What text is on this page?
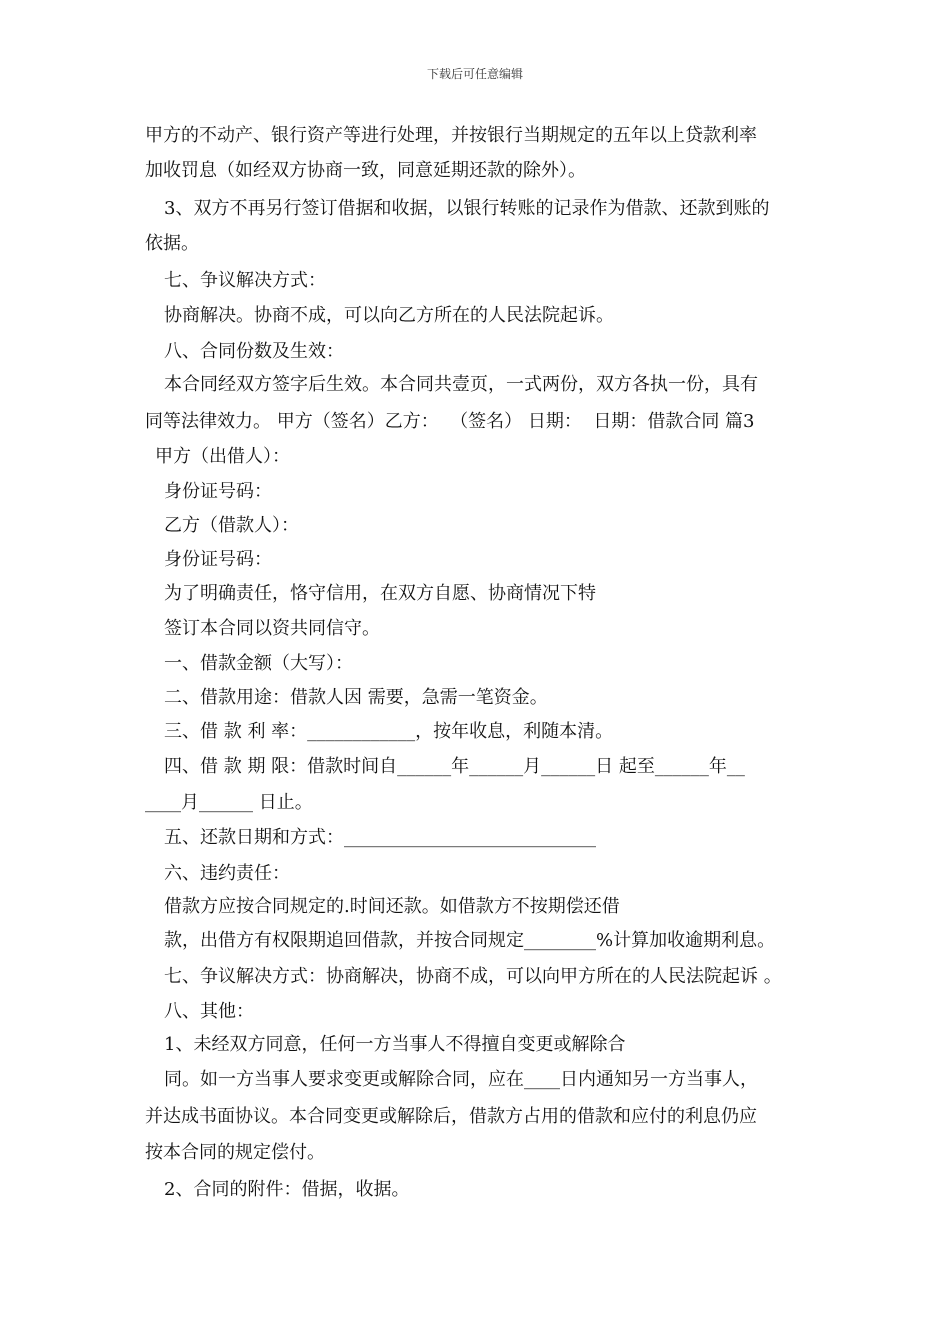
下载后可任意编辑
甲方的不动产、银行资产等进行处理，并按银行当期规定的五年以上贷款利率
加收罚息（如经双方协商一致，同意延期还款的除外）。
3、双方不再另行签订借据和收据，以银行转账的记录作为借款、还款到账的
依据。
七、争议解决方式：
协商解决。协商不成，可以向乙方所在的人民法院起诉。
八、合同份数及生效：
本合同经双方签字后生效。本合同共壹页，一式两份，双方各执一份，具有
同等法律效力。 甲方（签名）乙方：  （签名） 日期：  日期：借款合同 篇3
甲方（出借人）：
身份证号码：
乙方（借款人）：
身份证号码：
为了明确责任，恪守信用，在双方自愿、协商情况下特
签订本合同以资共同信守。
一、借款金额（大写）：
二、借款用途：借款人因 需要，急需一笔资金。
三、借 款 利 率：____________，按年收息，利随本清。
四、借 款 期 限：借款时间自______年______月______日 起至______年__
____月______ 日止。
五、还款日期和方式：____________________________
六、违约责任：
借款方应按合同规定的.时间还款。如借款方不按期偿还借
款，出借方有权限期追回借款，并按合同规定________%计算加收逾期利息。
七、争议解决方式：协商解决，协商不成，可以向甲方所在的人民法院起诉 。
八、其他：
1、未经双方同意，任何一方当事人不得擅自变更或解除合
同。如一方当事人要求变更或解除合同，应在____日内通知另一方当事人，
并达成书面协议。本合同变更或解除后，借款方占用的借款和应付的利息仍应
按本合同的规定偿付。
2、合同的附件：借据，收据。
